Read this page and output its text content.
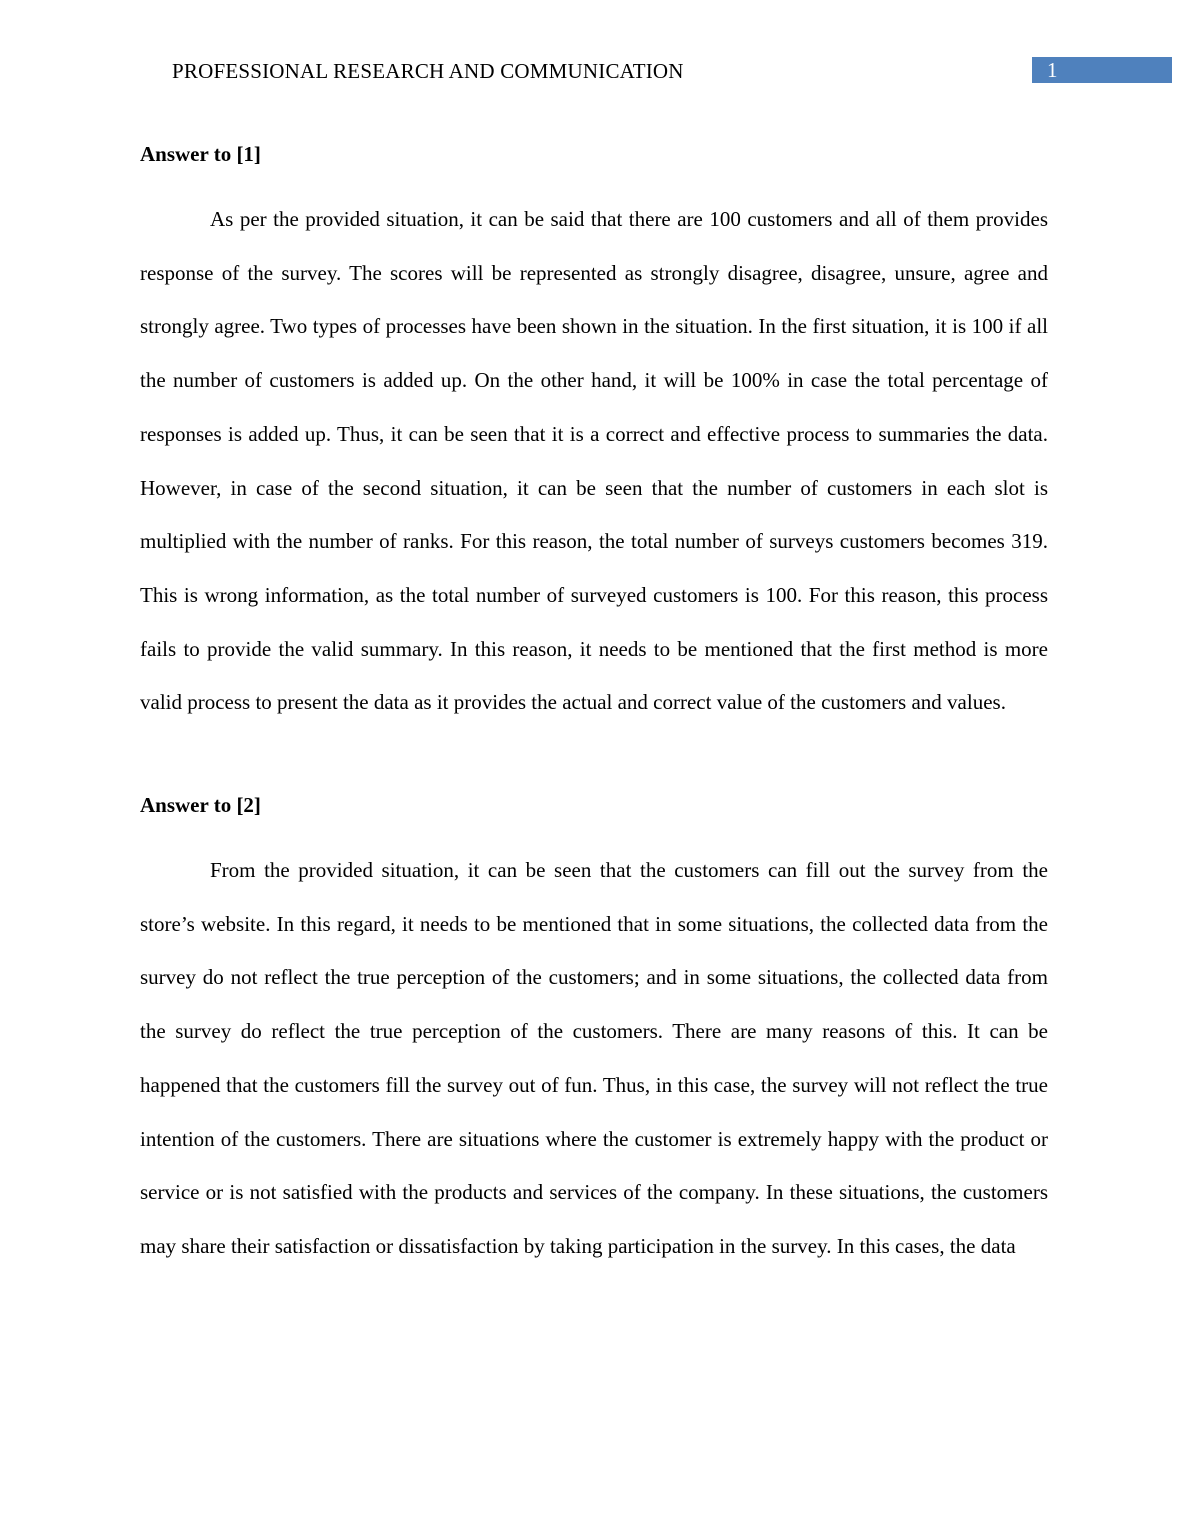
PROFESSIONAL RESEARCH AND COMMUNICATION	1
Answer to [1]

As per the provided situation, it can be said that there are 100 customers and all of them provides response of the survey. The scores will be represented as strongly disagree, disagree, unsure, agree and strongly agree. Two types of processes have been shown in the situation. In the first situation, it is 100 if all the number of customers is added up. On the other hand, it will be 100% in case the total percentage of responses is added up. Thus, it can be seen that it is a correct and effective process to summaries the data. However, in case of the second situation, it can be seen that the number of customers in each slot is multiplied with the number of ranks. For this reason, the total number of surveys customers becomes 319. This is wrong information, as the total number of surveyed customers is 100. For this reason, this process fails to provide the valid summary. In this reason, it needs to be mentioned that the first method is more valid process to present the data as it provides the actual and correct value of the customers and values.

Answer to [2]

From the provided situation, it can be seen that the customers can fill out the survey from the store’s website. In this regard, it needs to be mentioned that in some situations, the collected data from the survey do not reflect the true perception of the customers; and in some situations, the collected data from the survey do reflect the true perception of the customers. There are many reasons of this. It can be happened that the customers fill the survey out of fun. Thus, in this case, the survey will not reflect the true intention of the customers. There are situations where the customer is extremely happy with the product or service or is not satisfied with the products and services of the company. In these situations, the customers may share their satisfaction or dissatisfaction by taking participation in the survey. In this cases, the data
